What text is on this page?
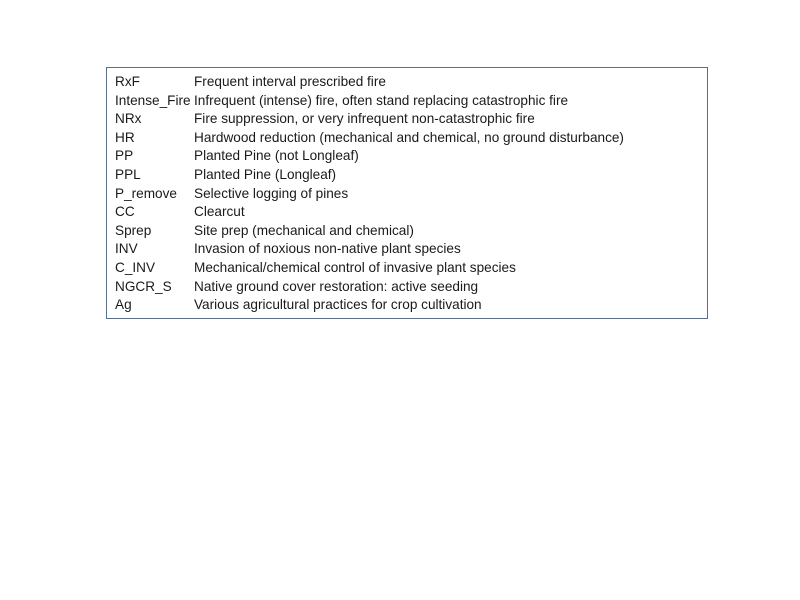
RxF	Frequent interval prescribed fire
Intense_Fire Infrequent (intense) fire, often stand replacing catastrophic fire
NRx	Fire suppression, or very infrequent non-catastrophic fire
HR	Hardwood reduction (mechanical and chemical, no ground disturbance)
PP	Planted Pine (not Longleaf)
PPL	Planted Pine (Longleaf)
P_remove	Selective logging of pines
CC	Clearcut
Sprep	Site prep (mechanical and chemical)
INV	Invasion of noxious non-native plant species
C_INV	Mechanical/chemical control of invasive plant species
NGCR_S	Native ground cover restoration: active seeding
Ag	Various agricultural practices for crop cultivation
